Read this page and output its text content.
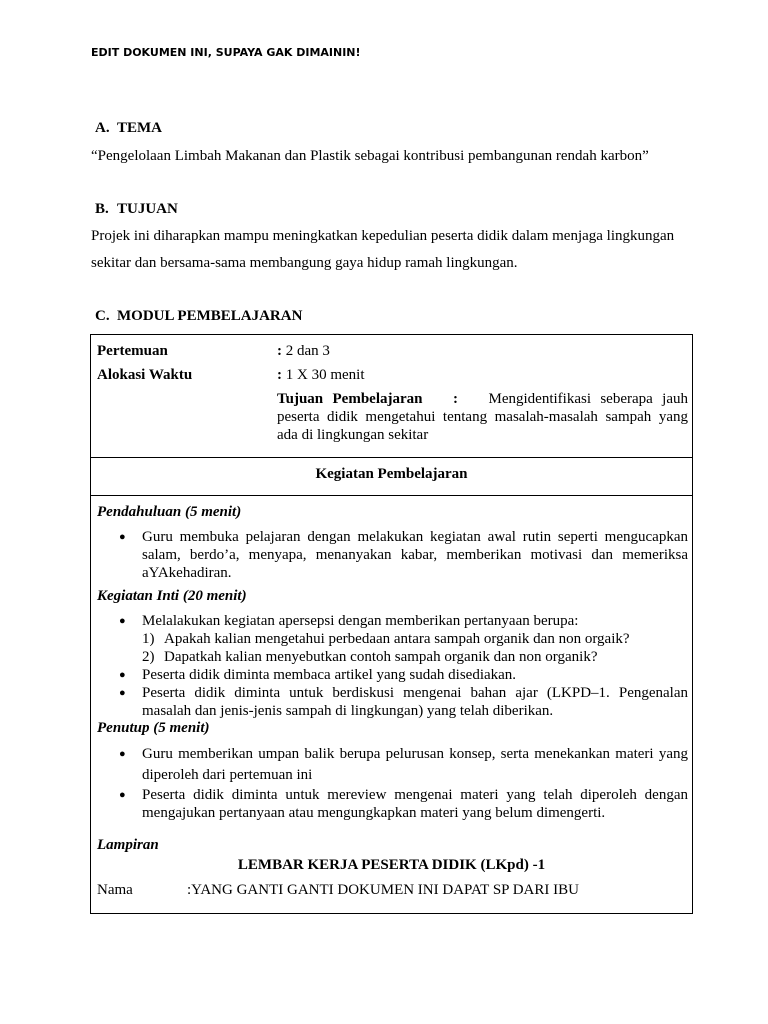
EDIT DOKUMEN INI, SUPAYA GAK DIMAININ!
A. TEMA
“Pengelolaan Limbah Makanan dan Plastik sebagai kontribusi pembangunan rendah karbon”
B. TUJUAN
Projek ini diharapkan mampu meningkatkan kepedulian peserta didik dalam menjaga lingkungan
sekitar dan bersama-sama membangung gaya hidup ramah lingkungan.
C. MODUL PEMBELAJARAN
Pertemuan	: 2 dan 3
Alokasi Waktu	: 1 X 30 menit
Tujuan Pembelajaran : Mengidentifikasi seberapa jauh peserta didik mengetahui tentang masalah-masalah sampah yang ada di lingkungan sekitar
Kegiatan Pembelajaran
Pendahuluan (5 menit)
● Guru membuka pelajaran dengan melakukan kegiatan awal rutin seperti mengucapkan salam, berdo’a, menyapa, menanyakan kabar, memberikan motivasi dan memeriksa aYAkehadiran.
Kegiatan Inti (20 menit)
● Melalakukan kegiatan apersepsi dengan memberikan pertanyaan berupa:
1) Apakah kalian mengetahui perbedaan antara sampah organik dan non orgaik?
2) Dapatkah kalian menyebutkan contoh sampah organik dan non organik?
● Peserta didik diminta membaca artikel yang sudah disediakan.
● Peserta didik diminta untuk berdiskusi mengenai bahan ajar (LKPD–1. Pengenalan masalah dan jenis-jenis sampah di lingkungan) yang telah diberikan.
Penutup (5 menit)
● Guru memberikan umpan balik berupa pelurusan konsep, serta menekankan materi yang diperoleh dari pertemuan ini
● Peserta didik diminta untuk mereview mengenai materi yang telah diperoleh dengan mengajukan pertanyaan atau mengungkapkan materi yang belum dimengerti.
Lampiran
LEMBAR KERJA PESERTA DIDIK (LKpd) -1
Nama	:YANG GANTI GANTI DOKUMEN INI DAPAT SP DARI IBU
